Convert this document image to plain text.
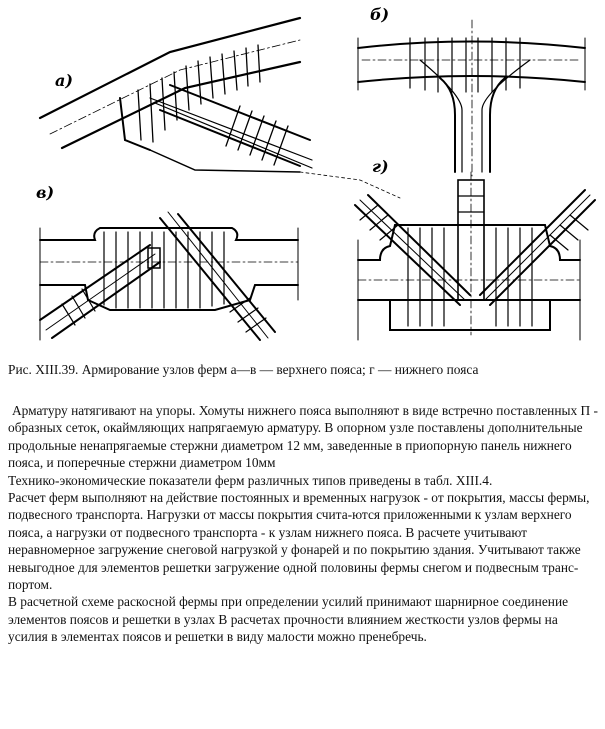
а)
б)
в)
г)
Рис. XIII.39. Армирование узлов ферм а—в — верхнего пояса; г — нижнего пояса

Арматуру натягивают на упоры. Хомуты нижнего пояса выполняют в виде встречно поставленных П - образных сеток, окаймляющих напрягаемую арматуру. В опорном узле поставлены дополнительные продольные ненапрягаемые стержни диаметром 12 мм, заведенные в приопорную панель нижнего пояса, и поперечные стержни диаметром 10мм

Технико-экономические показатели ферм различных типов приведены в табл. XIII.4.

Расчет ферм выполняют на действие постоянных и временных нагрузок - от покрытия, массы фермы, подвесного транспорта. Нагрузки от массы покрытия счита-ются приложенными к узлам верхнего пояса, а нагрузки от подвесного транспорта - к узлам нижнего пояса. В расчете учитывают неравномерное загружение снеговой нагрузкой у фонарей и по покрытию здания. Учитывают также невыгодное для элементов решетки загружение одной половины фермы снегом и подвесным транс-портом.

В расчетной схеме раскосной фермы при определении усилий принимают шарнирное соединение элементов поясов и решетки в узлах В расчетах прочности влиянием жесткости узлов фермы на усилия в элементах поясов и решетки в виду малости можно пренебречь.
